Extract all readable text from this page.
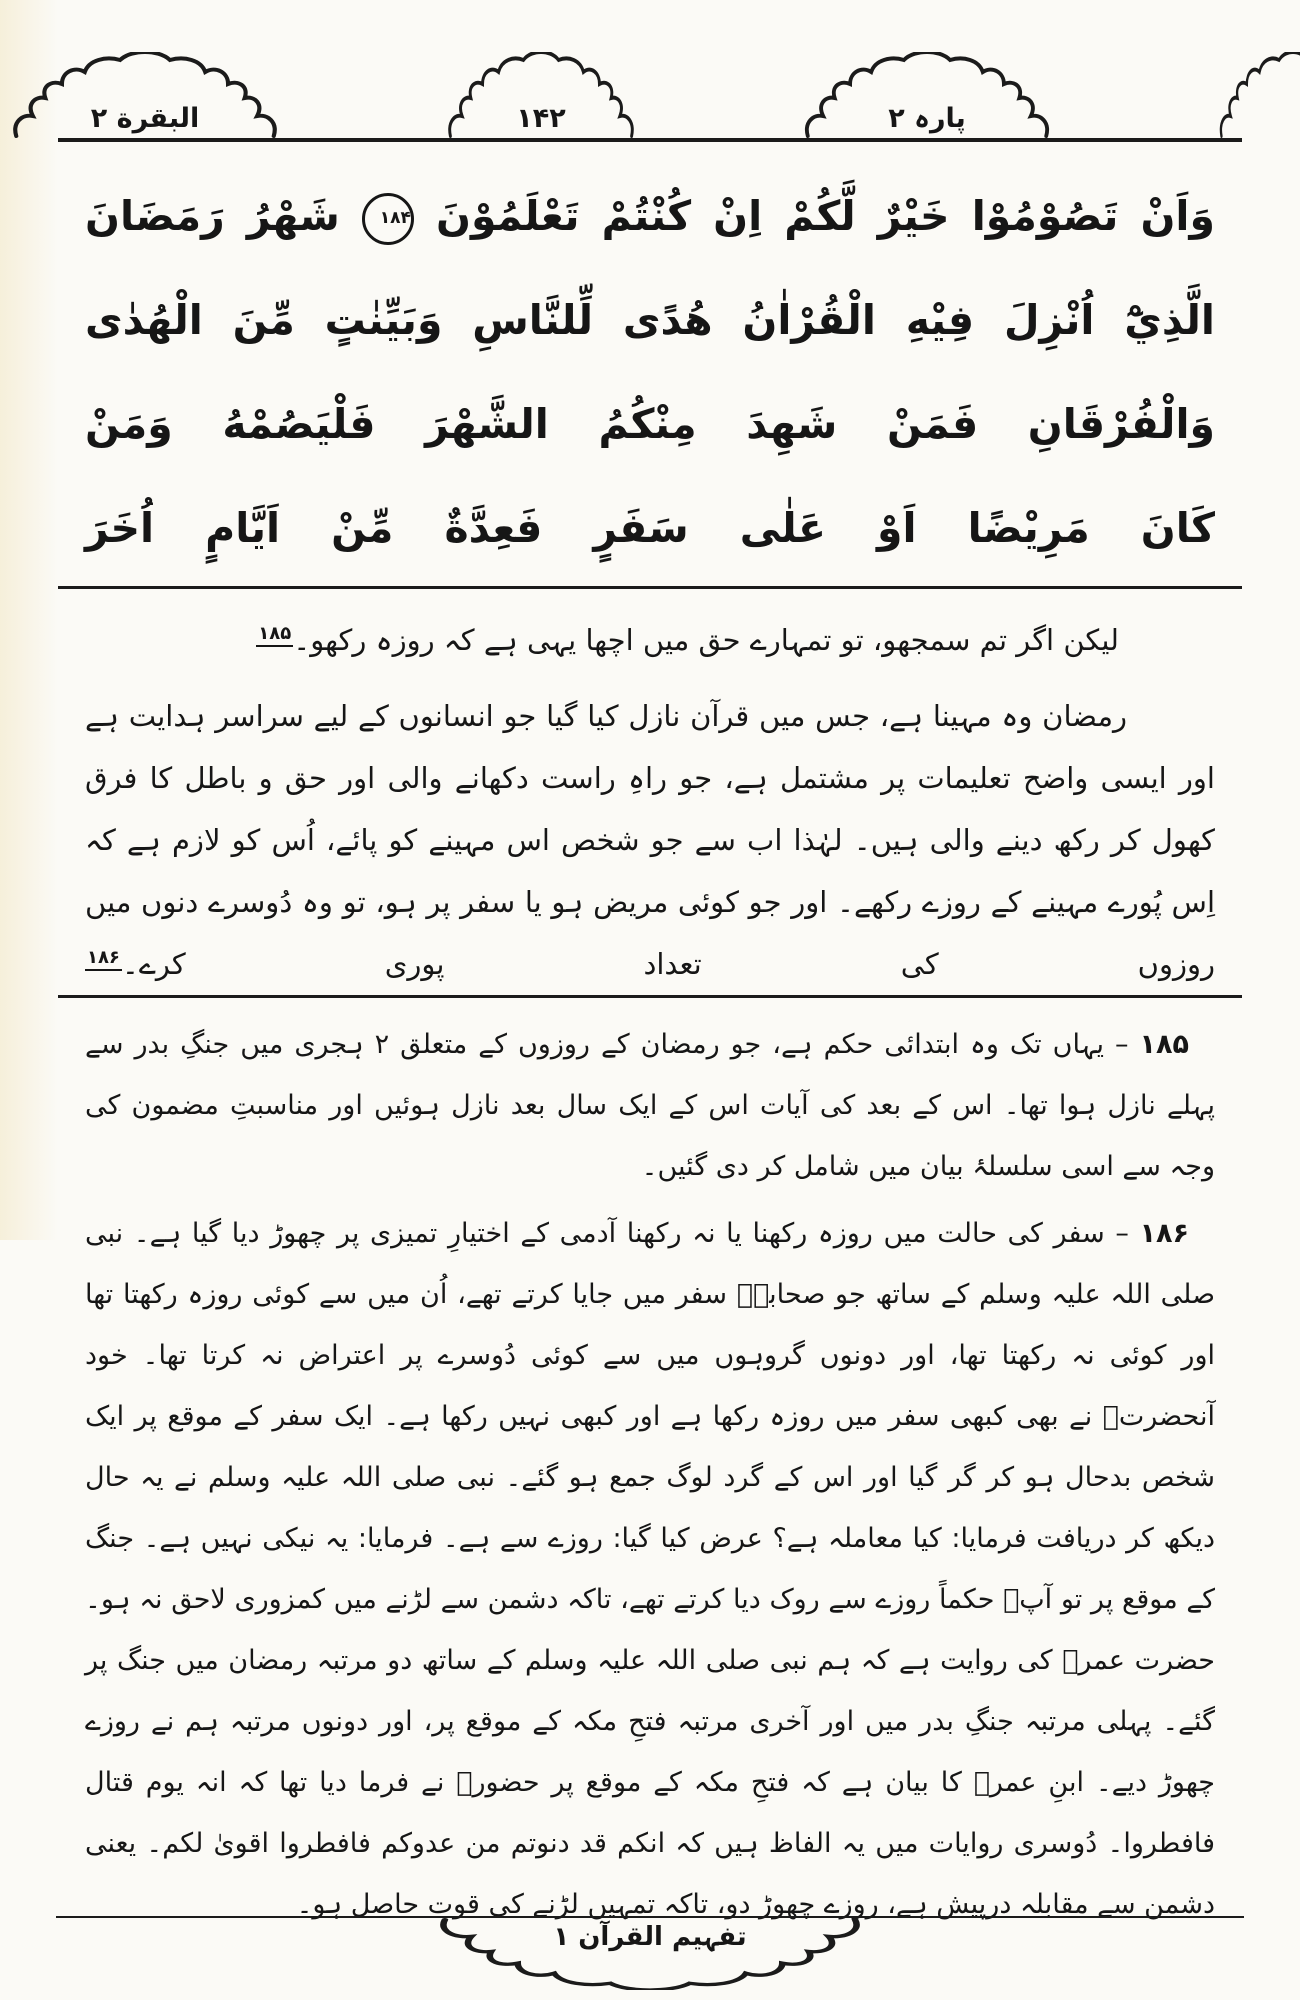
البقرة ٢	۱۴۲	پارہ ٢
وَاَنْ تَصُوْمُوْا خَيْرٌ لَّكُمْ اِنْ كُنْتُمْ تَعْلَمُوْنَ ۱۸۴ شَهْرُ رَمَضَانَ
الَّذِيْٓ اُنْزِلَ فِيْهِ الْقُرْاٰنُ هُدًى لِّلنَّاسِ وَبَيِّنٰتٍ مِّنَ الْهُدٰى
وَالْفُرْقَانِ فَمَنْ شَهِدَ مِنْكُمُ الشَّهْرَ فَلْيَصُمْهُ وَمَنْ
كَانَ مَرِيْضًا اَوْ عَلٰى سَفَرٍ فَعِدَّةٌ مِّنْ اَيَّامٍ اُخَرَ
لیکن اگر تم سمجھو، تو تمہارے حق میں اچھا یہی ہے کہ روزہ رکھو۔$^{۱۸۵}$
رمضان وہ مہینا ہے، جس میں قرآن نازل کیا گیا جو انسانوں کے لیے سراسر ہدایت ہے اور ایسی واضح تعلیمات پر مشتمل ہے، جو راہِ راست دکھانے والی اور حق و باطل کا فرق کھول کر رکھ دینے والی ہیں۔ لہٰذا اب سے جو شخص اس مہینے کو پائے، اُس کو لازم ہے کہ اِس پُورے مہینے کے روزے رکھے۔ اور جو کوئی مریض ہو یا سفر پر ہو، تو وہ دُوسرے دنوں میں روزوں کی تعداد پوری کرے۔$^{۱۸۶}$
۱۸۵ – یہاں تک وہ ابتدائی حکم ہے، جو رمضان کے روزوں کے متعلق ۲ ہجری میں جنگِ بدر سے پہلے نازل ہوا تھا۔ اس کے بعد کی آیات اس کے ایک سال بعد نازل ہوئیں اور مناسبتِ مضمون کی وجہ سے اسی سلسلۂ بیان میں شامل کر دی گئیں۔
۱۸۶ – سفر کی حالت میں روزہ رکھنا یا نہ رکھنا آدمی کے اختیارِ تمیزی پر چھوڑ دیا گیا ہے۔ نبی صلی اللہ علیہ وسلم کے ساتھ جو صحابہؓ سفر میں جایا کرتے تھے، اُن میں سے کوئی روزہ رکھتا تھا اور کوئی نہ رکھتا تھا، اور دونوں گروہوں میں سے کوئی دُوسرے پر اعتراض نہ کرتا تھا۔ خود آنحضرتؐ نے بھی کبھی سفر میں روزہ رکھا ہے اور کبھی نہیں رکھا ہے۔ ایک سفر کے موقع پر ایک شخص بدحال ہو کر گر گیا اور اس کے گرد لوگ جمع ہو گئے۔ نبی صلی اللہ علیہ وسلم نے یہ حال دیکھ کر دریافت فرمایا: کیا معاملہ ہے؟ عرض کیا گیا: روزے سے ہے۔ فرمایا: یہ نیکی نہیں ہے۔ جنگ کے موقع پر تو آپؐ حکماً روزے سے روک دیا کرتے تھے، تاکہ دشمن سے لڑنے میں کمزوری لاحق نہ ہو۔ حضرت عمرؓ کی روایت ہے کہ ہم نبی صلی اللہ علیہ وسلم کے ساتھ دو مرتبہ رمضان میں جنگ پر گئے۔ پہلی مرتبہ جنگِ بدر میں اور آخری مرتبہ فتحِ مکہ کے موقع پر، اور دونوں مرتبہ ہم نے روزے چھوڑ دیے۔ ابنِ عمرؓ کا بیان ہے کہ فتحِ مکہ کے موقع پر حضورؐ نے فرما دیا تھا کہ انہ یوم قتال فافطروا۔ دُوسری روایات میں یہ الفاظ ہیں کہ انکم قد دنوتم من عدوکم فافطروا اقویٰ لکم۔ یعنی دشمن سے مقابلہ درپیش ہے، روزے چھوڑ دو، تاکہ تمہیں لڑنے کی قوت حاصل ہو۔
تفہیم القرآن ١
